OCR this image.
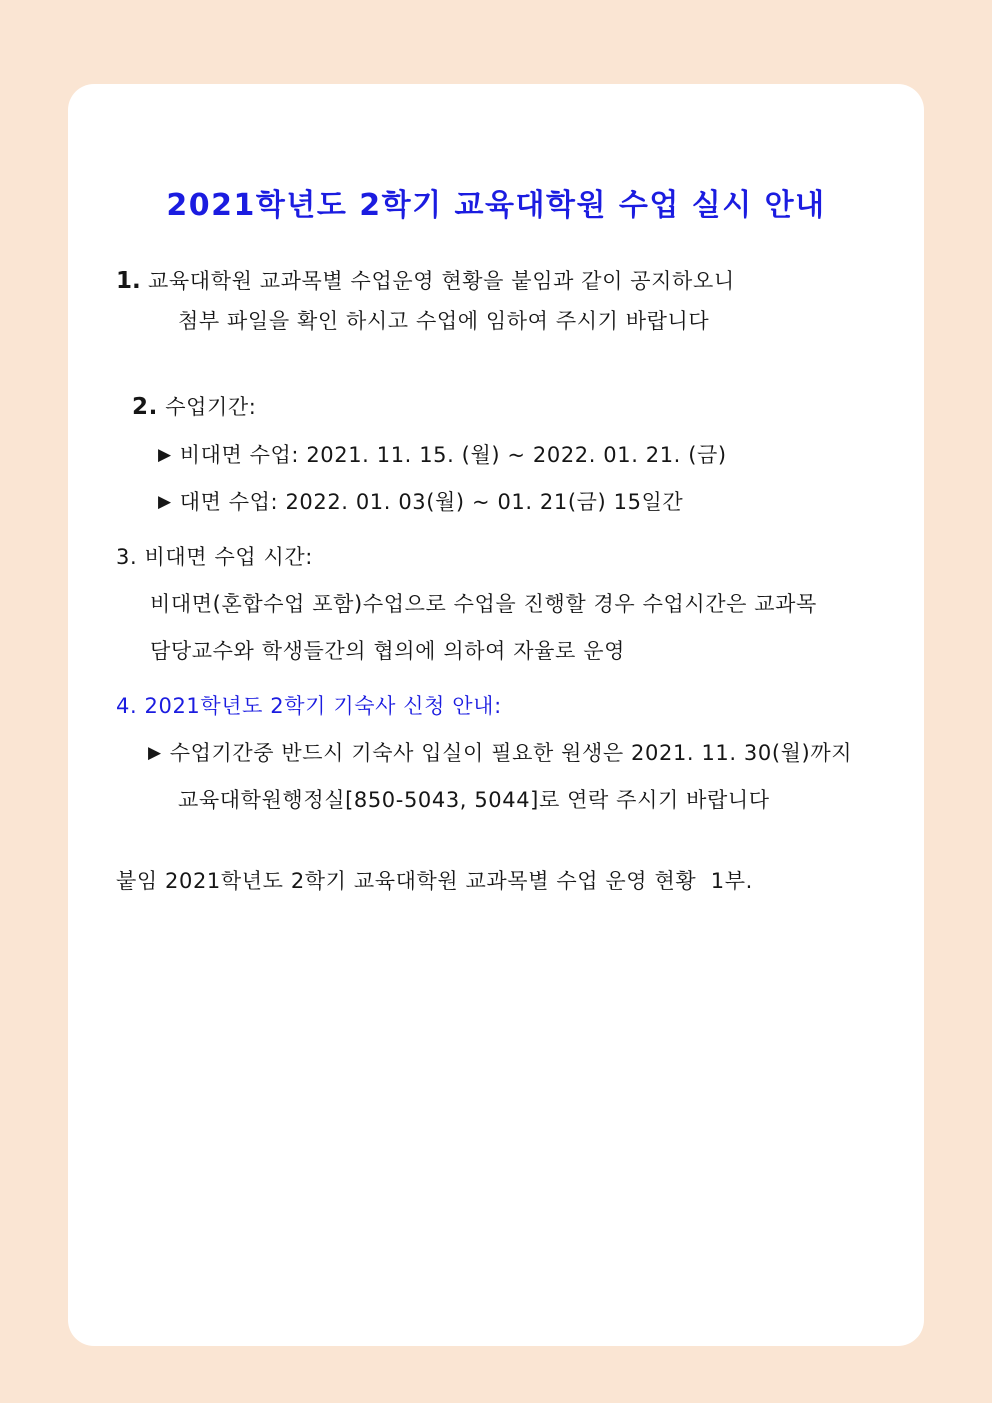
2021학년도 2학기 교육대학원 수업 실시 안내
1. 교육대학원 교과목별 수업운영 현황을 붙임과 같이 공지하오니
첨부 파일을 확인 하시고 수업에 임하여 주시기 바랍니다
2. 수업기간:
▶ 비대면 수업: 2021. 11. 15. (월) ~ 2022. 01. 21. (금)
▶ 대면 수업: 2022. 01. 03(월) ~ 01. 21(금) 15일간
3. 비대면 수업 시간:
비대면(혼합수업 포함)수업으로 수업을 진행할 경우 수업시간은 교과목
담당교수와 학생들간의 협의에 의하여 자율로 운영
4. 2021학년도 2학기 기숙사 신청 안내:
▶ 수업기간중 반드시 기숙사 입실이 필요한 원생은 2021. 11. 30(월)까지
교육대학원행정실[850-5043, 5044]로 연락 주시기 바랍니다
붙임 2021학년도 2학기 교육대학원 교과목별 수업 운영 현황  1부.
